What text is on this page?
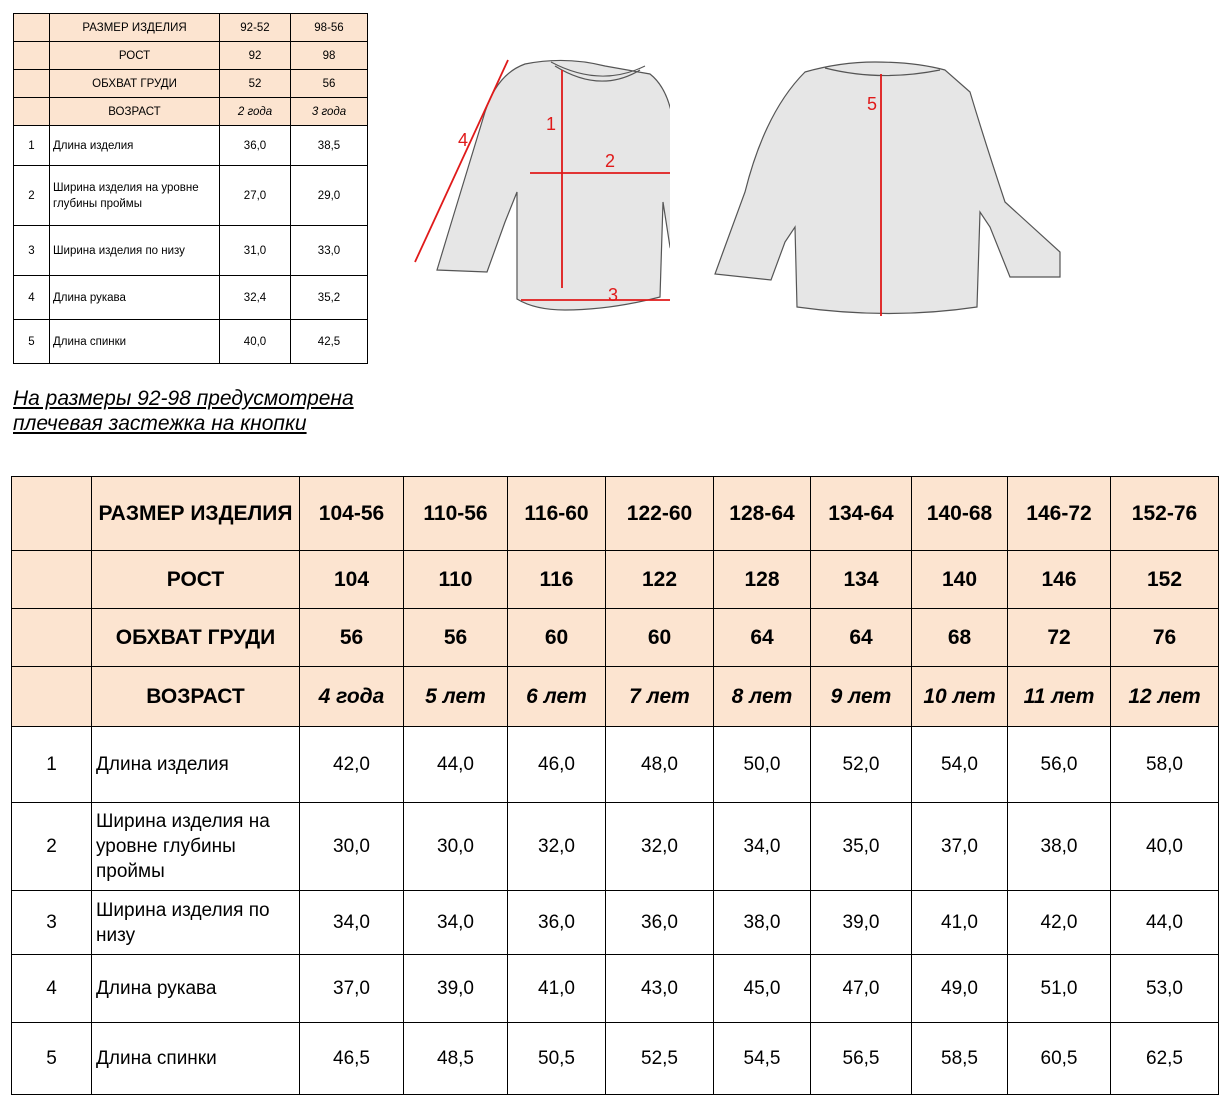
	РАЗМЕР ИЗДЕЛИЯ	92-52	98-56
	РОСТ	92	98
	ОБХВАТ ГРУДИ	52	56
	ВОЗРАСТ	2 года	3 года
1	Длина изделия	36,0	38,5
2	Ширина изделия на уровне глубины проймы	27,0	29,0
3	Ширина изделия по низу	31,0	33,0
4	Длина рукава	32,4	35,2
5	Длина спинки	40,0	42,5
На размеры 92-98 предусмотрена
плечевая застежка на кнопки
1
2
3
4
5
	РАЗМЕР ИЗДЕЛИЯ	104-56	110-56	116-60	122-60	128-64	134-64	140-68	146-72	152-76
	РОСТ	104	110	116	122	128	134	140	146	152
	ОБХВАТ ГРУДИ	56	56	60	60	64	64	68	72	76
	ВОЗРАСТ	4 года	5 лет	6 лет	7 лет	8 лет	9 лет	10 лет	11 лет	12 лет
1	Длина изделия	42,0	44,0	46,0	48,0	50,0	52,0	54,0	56,0	58,0
2	Ширина изделия на уровне глубины проймы	30,0	30,0	32,0	32,0	34,0	35,0	37,0	38,0	40,0
3	Ширина изделия по низу	34,0	34,0	36,0	36,0	38,0	39,0	41,0	42,0	44,0
4	Длина рукава	37,0	39,0	41,0	43,0	45,0	47,0	49,0	51,0	53,0
5	Длина спинки	46,5	48,5	50,5	52,5	54,5	56,5	58,5	60,5	62,5
